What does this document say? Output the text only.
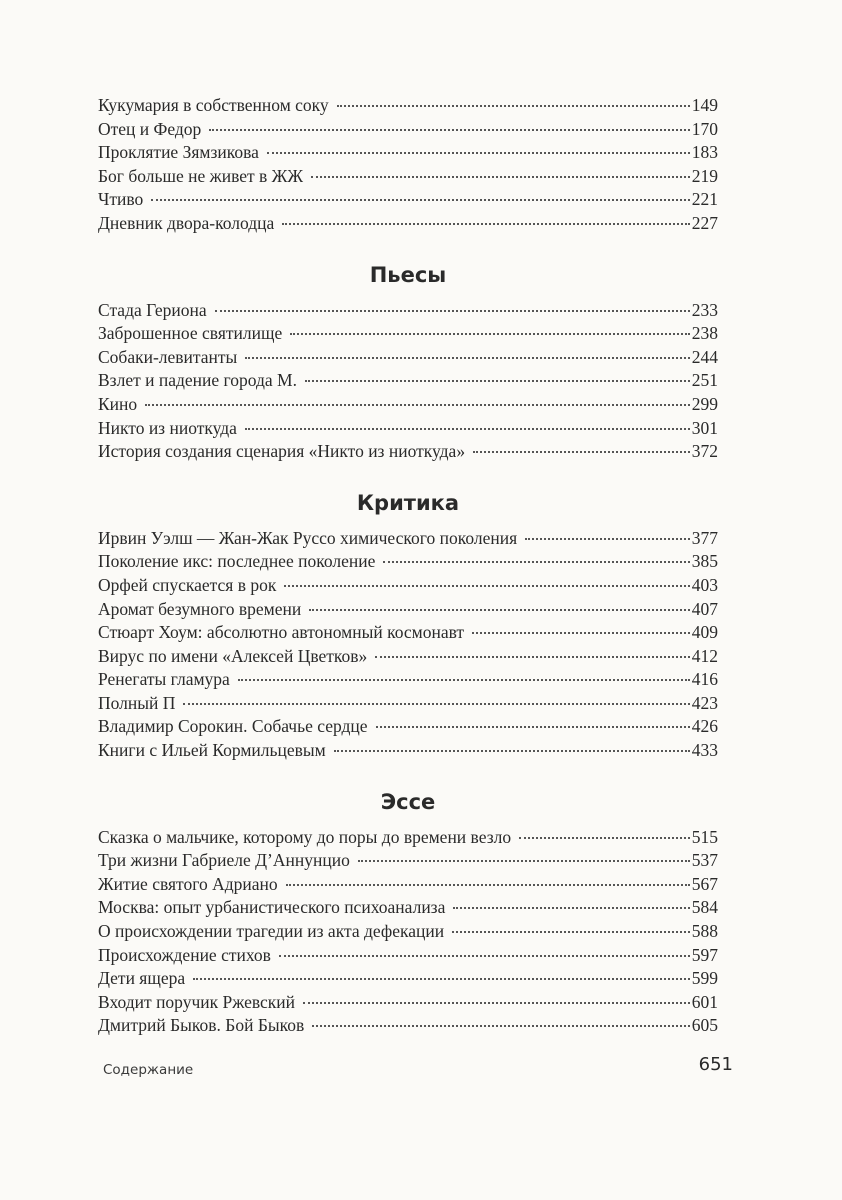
Кукумария в собственном соку	149
Отец и Федор	170
Проклятие Зямзикова	183
Бог больше не живет в ЖЖ	219
Чтиво	221
Дневник двора-колодца	227
Пьесы
Стада Гериона	233
Заброшенное святилище	238
Собаки-левитанты	244
Взлет и падение города М.	251
Кино	299
Никто из ниоткуда	301
История создания сценария «Никто из ниоткуда»	372
Критика
Ирвин Уэлш — Жан-Жак Руссо химического поколения	377
Поколение икс: последнее поколение	385
Орфей спускается в рок	403
Аромат безумного времени	407
Стюарт Хоум: абсолютно автономный космонавт	409
Вирус по имени «Алексей Цветков»	412
Ренегаты гламура	416
Полный П	423
Владимир Сорокин. Собачье сердце	426
Книги с Ильей Кормильцевым	433
Эссе
Сказка о мальчике, которому до поры до времени везло	515
Три жизни Габриеле Д’Аннунцио	537
Житие святого Адриано	567
Москва: опыт урбанистического психоанализа	584
О происхождении трагедии из акта дефекации	588
Происхождение стихов	597
Дети ящера	599
Входит поручик Ржевский	601
Дмитрий Быков. Бой Быков	605
Содержание	651
